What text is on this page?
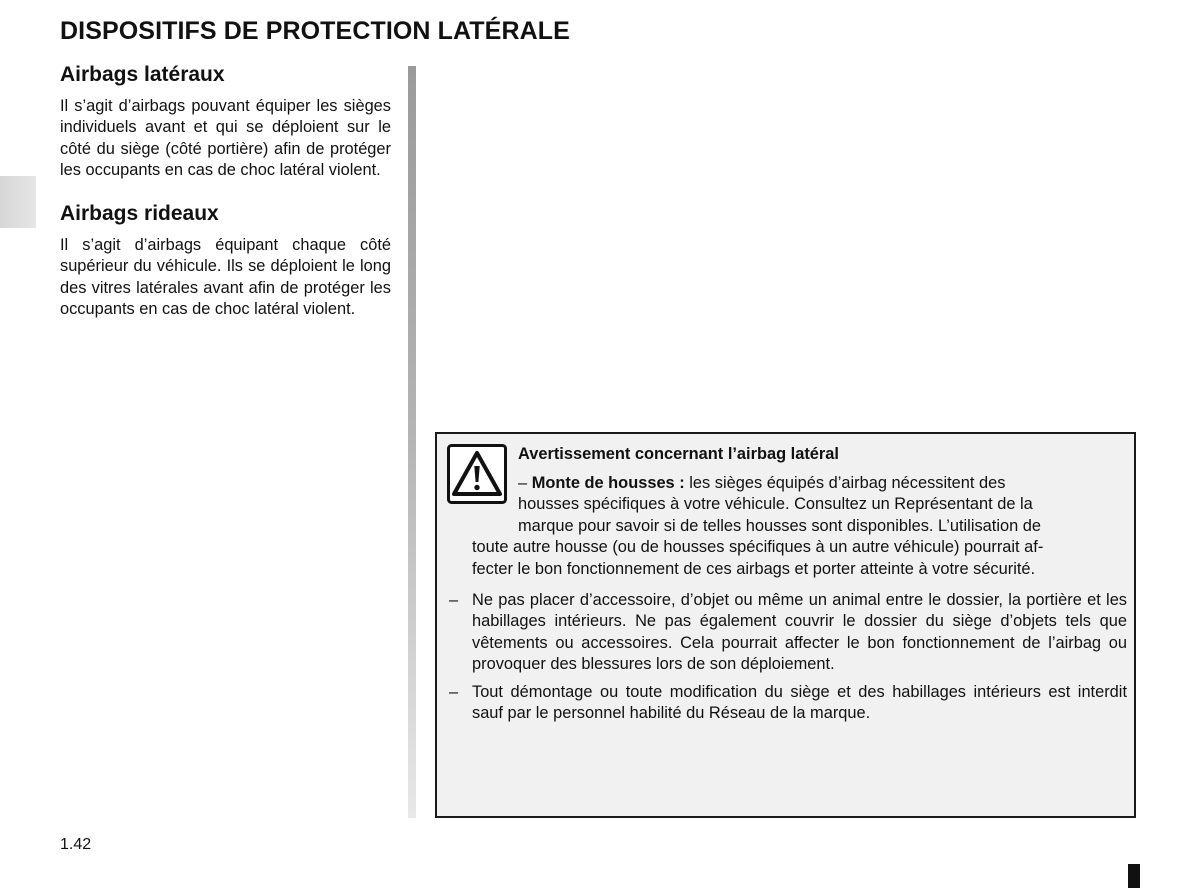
DISPOSITIFS DE PROTECTION LATÉRALE
Airbags latéraux

Il s’agit d’airbags pouvant équiper les sièges individuels avant et qui se déploient sur le côté du siège (côté portière) afin de protéger les occupants en cas de choc latéral violent.

Airbags rideaux

Il s’agit d’airbags équipant chaque côté supérieur du véhicule. Ils se déploient le long des vitres latérales avant afin de protéger les occupants en cas de choc latéral violent.

Avertissement concernant l’airbag latéral
– Monte de housses : les sièges équipés d’airbag nécessitent des
housses spécifiques à votre véhicule. Consultez un Représentant de la
marque pour savoir si de telles housses sont disponibles. L’utilisation de
toute autre housse (ou de housses spécifiques à un autre véhicule) pourrait af-
fecter le bon fonctionnement de ces airbags et porter atteinte à votre sécurité.
– Ne pas placer d’accessoire, d’objet ou même un animal entre le dossier, la portière et les habillages intérieurs. Ne pas également couvrir le dossier du siège d’objets tels que vêtements ou accessoires. Cela pourrait affecter le bon fonctionnement de l’airbag ou provoquer des blessures lors de son déploiement.
– Tout démontage ou toute modification du siège et des habillages intérieurs est interdit sauf par le personnel habilité du Réseau de la marque.
1.42
